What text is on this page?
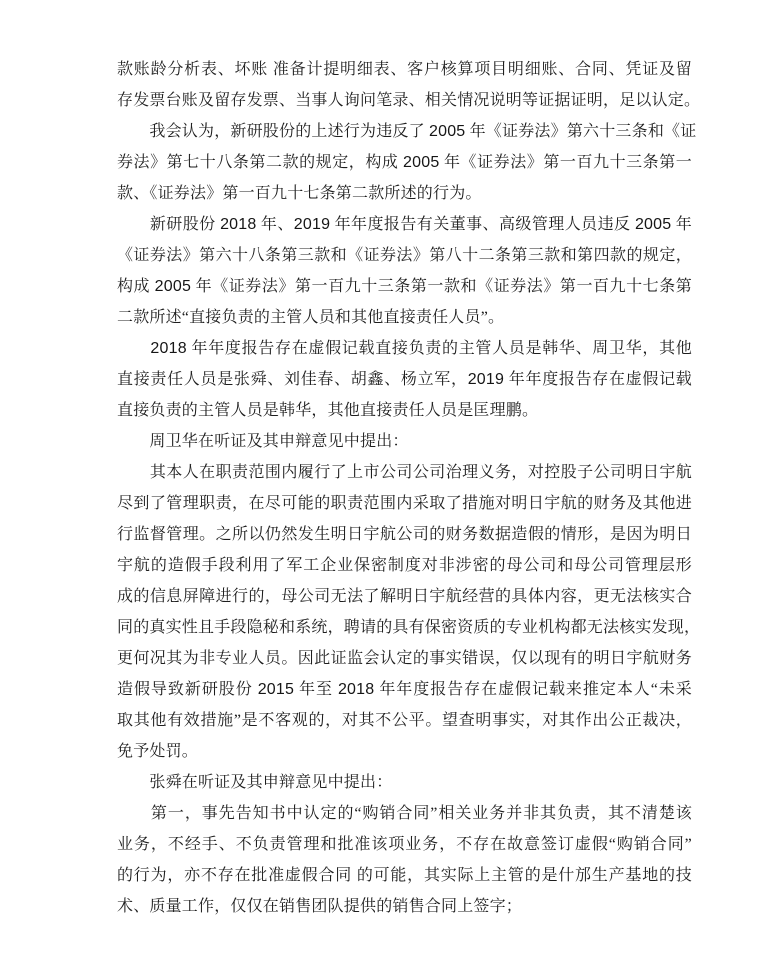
款账龄分析表、坏账 准备计提明细表、客户核算项目明细账、合同、凭证及留
存发票台账及留存发票、当事人询问笔录、相关情况说明等证据证明，足以认定。
　　我会认为，新研股份的上述行为违反了 2005 年《证券法》第六十三条和《证
券法》第七十八条第二款的规定，构成 2005 年《证券法》第一百九十三条第一
款、《证券法》第一百九十七条第二款所述的行为。
　　新研股份 2018 年、2019 年年度报告有关董事、高级管理人员违反 2005 年
《证券法》第六十八条第三款和《证券法》第八十二条第三款和第四款的规定，
构成 2005 年《证券法》第一百九十三条第一款和《证券法》第一百九十七条第
二款所述“直接负责的主管人员和其他直接责任人员”。
　　2018 年年度报告存在虚假记载直接负责的主管人员是韩华、周卫华，其他
直接责任人员是张舜、刘佳春、胡鑫、杨立军，2019 年年度报告存在虚假记载
直接负责的主管人员是韩华，其他直接责任人员是匡理鹏。
　　周卫华在听证及其申辩意见中提出：
　　其本人在职责范围内履行了上市公司公司治理义务，对控股子公司明日宇航
尽到了管理职责，在尽可能的职责范围内采取了措施对明日宇航的财务及其他进
行监督管理。之所以仍然发生明日宇航公司的财务数据造假的情形，是因为明日
宇航的造假手段利用了军工企业保密制度对非涉密的母公司和母公司管理层形
成的信息屏障进行的，母公司无法了解明日宇航经营的具体内容，更无法核实合
同的真实性且手段隐秘和系统，聘请的具有保密资质的专业机构都无法核实发现，
更何况其为非专业人员。因此证监会认定的事实错误，仅以现有的明日宇航财务
造假导致新研股份 2015 年至 2018 年年度报告存在虚假记载来推定本人“未采
取其他有效措施”是不客观的，对其不公平。望查明事实，对其作出公正裁决，
免予处罚。
　　张舜在听证及其申辩意见中提出：
　　第一，事先告知书中认定的“购销合同”相关业务并非其负责，其不清楚该
业务，不经手、不负责管理和批准该项业务，不存在故意签订虚假“购销合同”
的行为，亦不存在批准虚假合同 的可能，其实际上主管的是什邡生产基地的技
术、质量工作，仅仅在销售团队提供的销售合同上签字；
